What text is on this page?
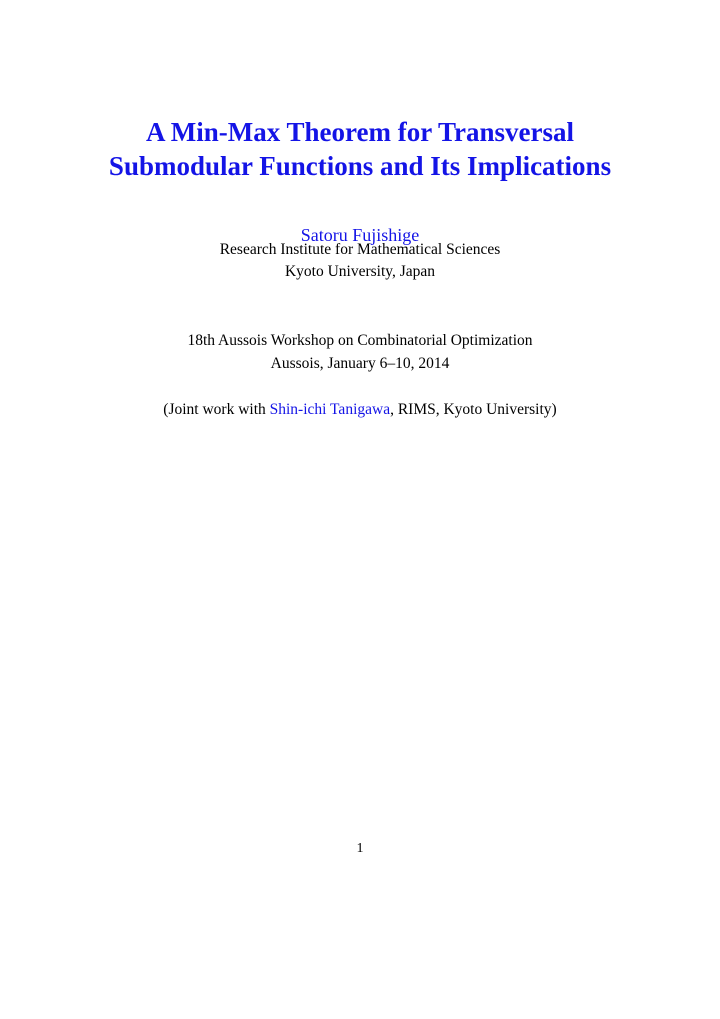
A Min-Max Theorem for Transversal
Submodular Functions and Its Implications
Satoru Fujishige
Research Institute for Mathematical Sciences
Kyoto University, Japan
18th Aussois Workshop on Combinatorial Optimization
Aussois, January 6–10, 2014
(Joint work with Shin-ichi Tanigawa, RIMS, Kyoto University)
1
